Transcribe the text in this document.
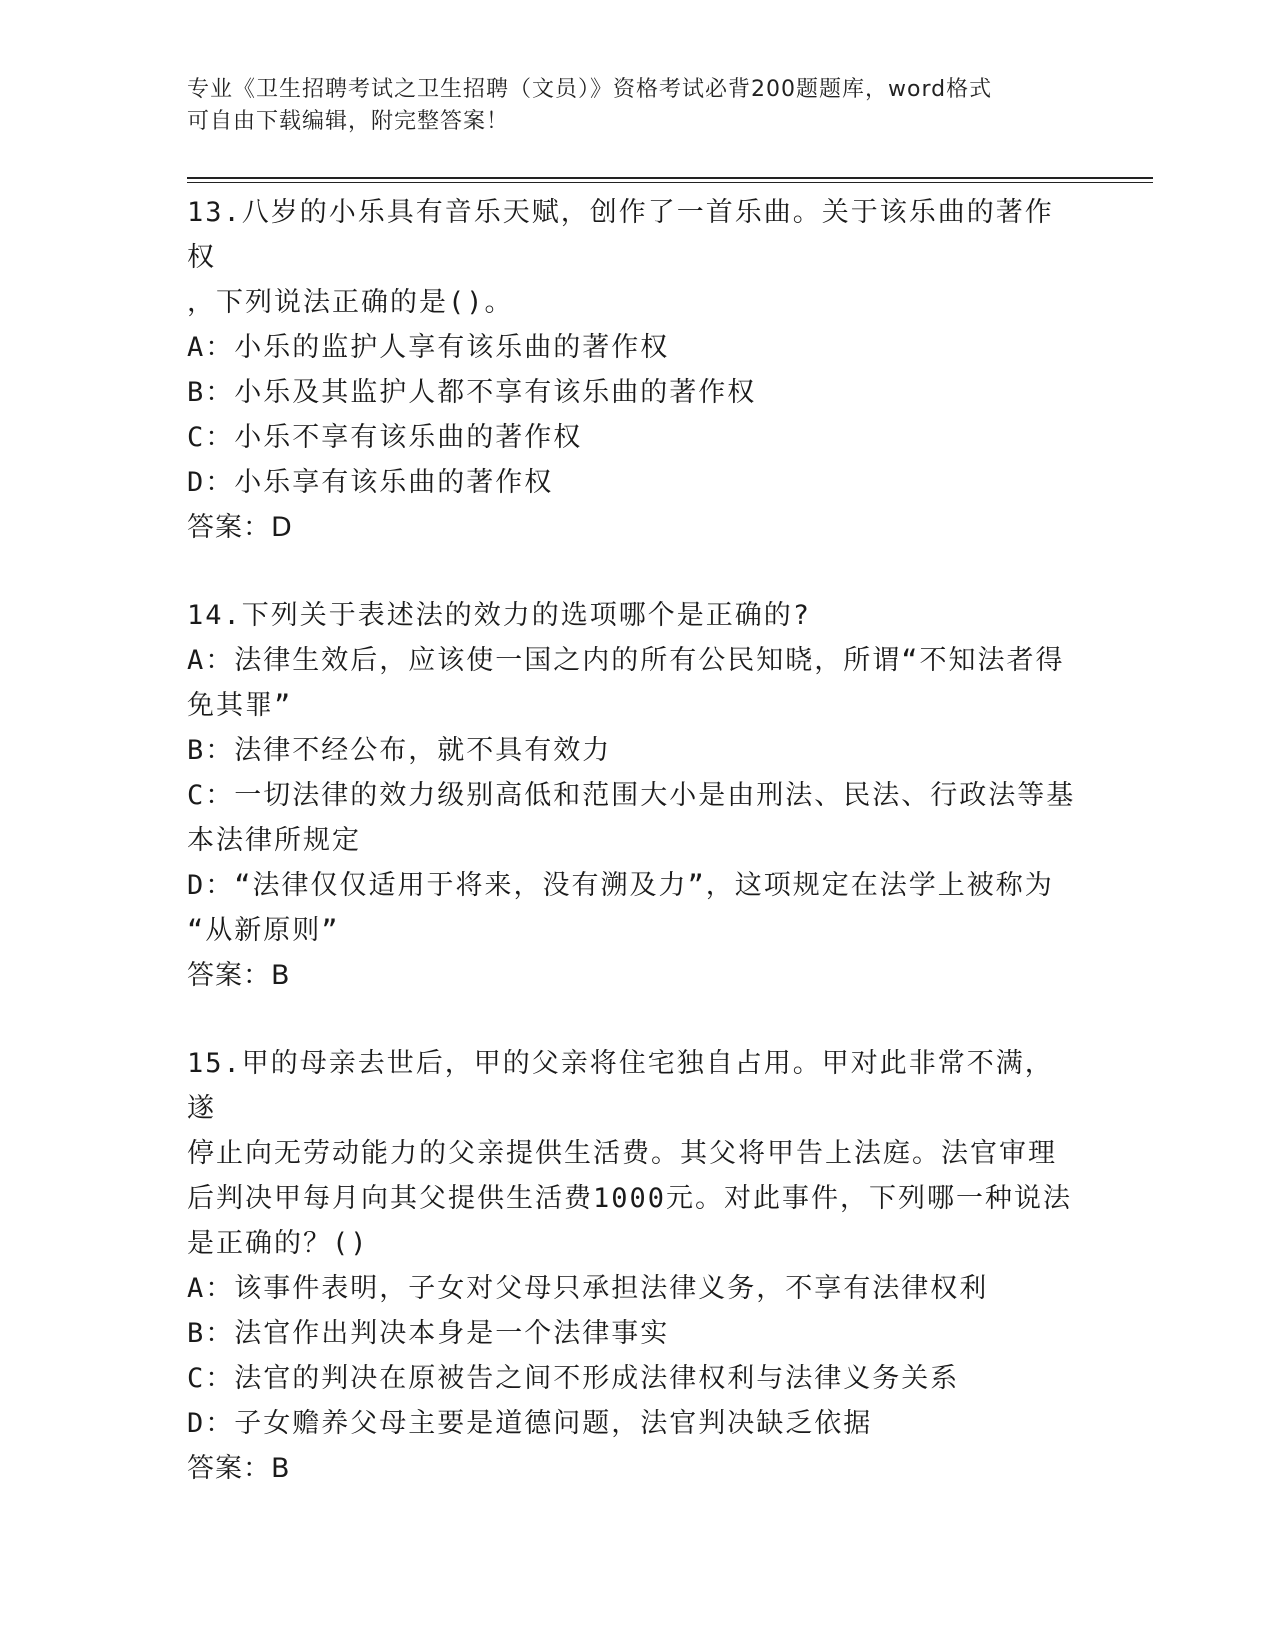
专业《卫生招聘考试之卫生招聘（文员）》资格考试必背200题题库，word格式
可自由下载编辑，附完整答案！
13.八岁的小乐具有音乐天赋，创作了一首乐曲。关于该乐曲的著作权
，下列说法正确的是()。
A：小乐的监护人享有该乐曲的著作权
B：小乐及其监护人都不享有该乐曲的著作权
C：小乐不享有该乐曲的著作权
D：小乐享有该乐曲的著作权
答案：D
14.下列关于表述法的效力的选项哪个是正确的?
A：法律生效后，应该使一国之内的所有公民知晓，所谓“不知法者得
免其罪”
B：法律不经公布，就不具有效力
C：一切法律的效力级别高低和范围大小是由刑法、民法、行政法等基
本法律所规定
D：“法律仅仅适用于将来，没有溯及力”，这项规定在法学上被称为
“从新原则”
答案：B
15.甲的母亲去世后，甲的父亲将住宅独自占用。甲对此非常不满，遂
停止向无劳动能力的父亲提供生活费。其父将甲告上法庭。法官审理
后判决甲每月向其父提供生活费1000元。对此事件，下列哪一种说法
是正确的？()
A：该事件表明，子女对父母只承担法律义务，不享有法律权利
B：法官作出判决本身是一个法律事实
C：法官的判决在原被告之间不形成法律权利与法律义务关系
D：子女赡养父母主要是道德问题，法官判决缺乏依据
答案：B
